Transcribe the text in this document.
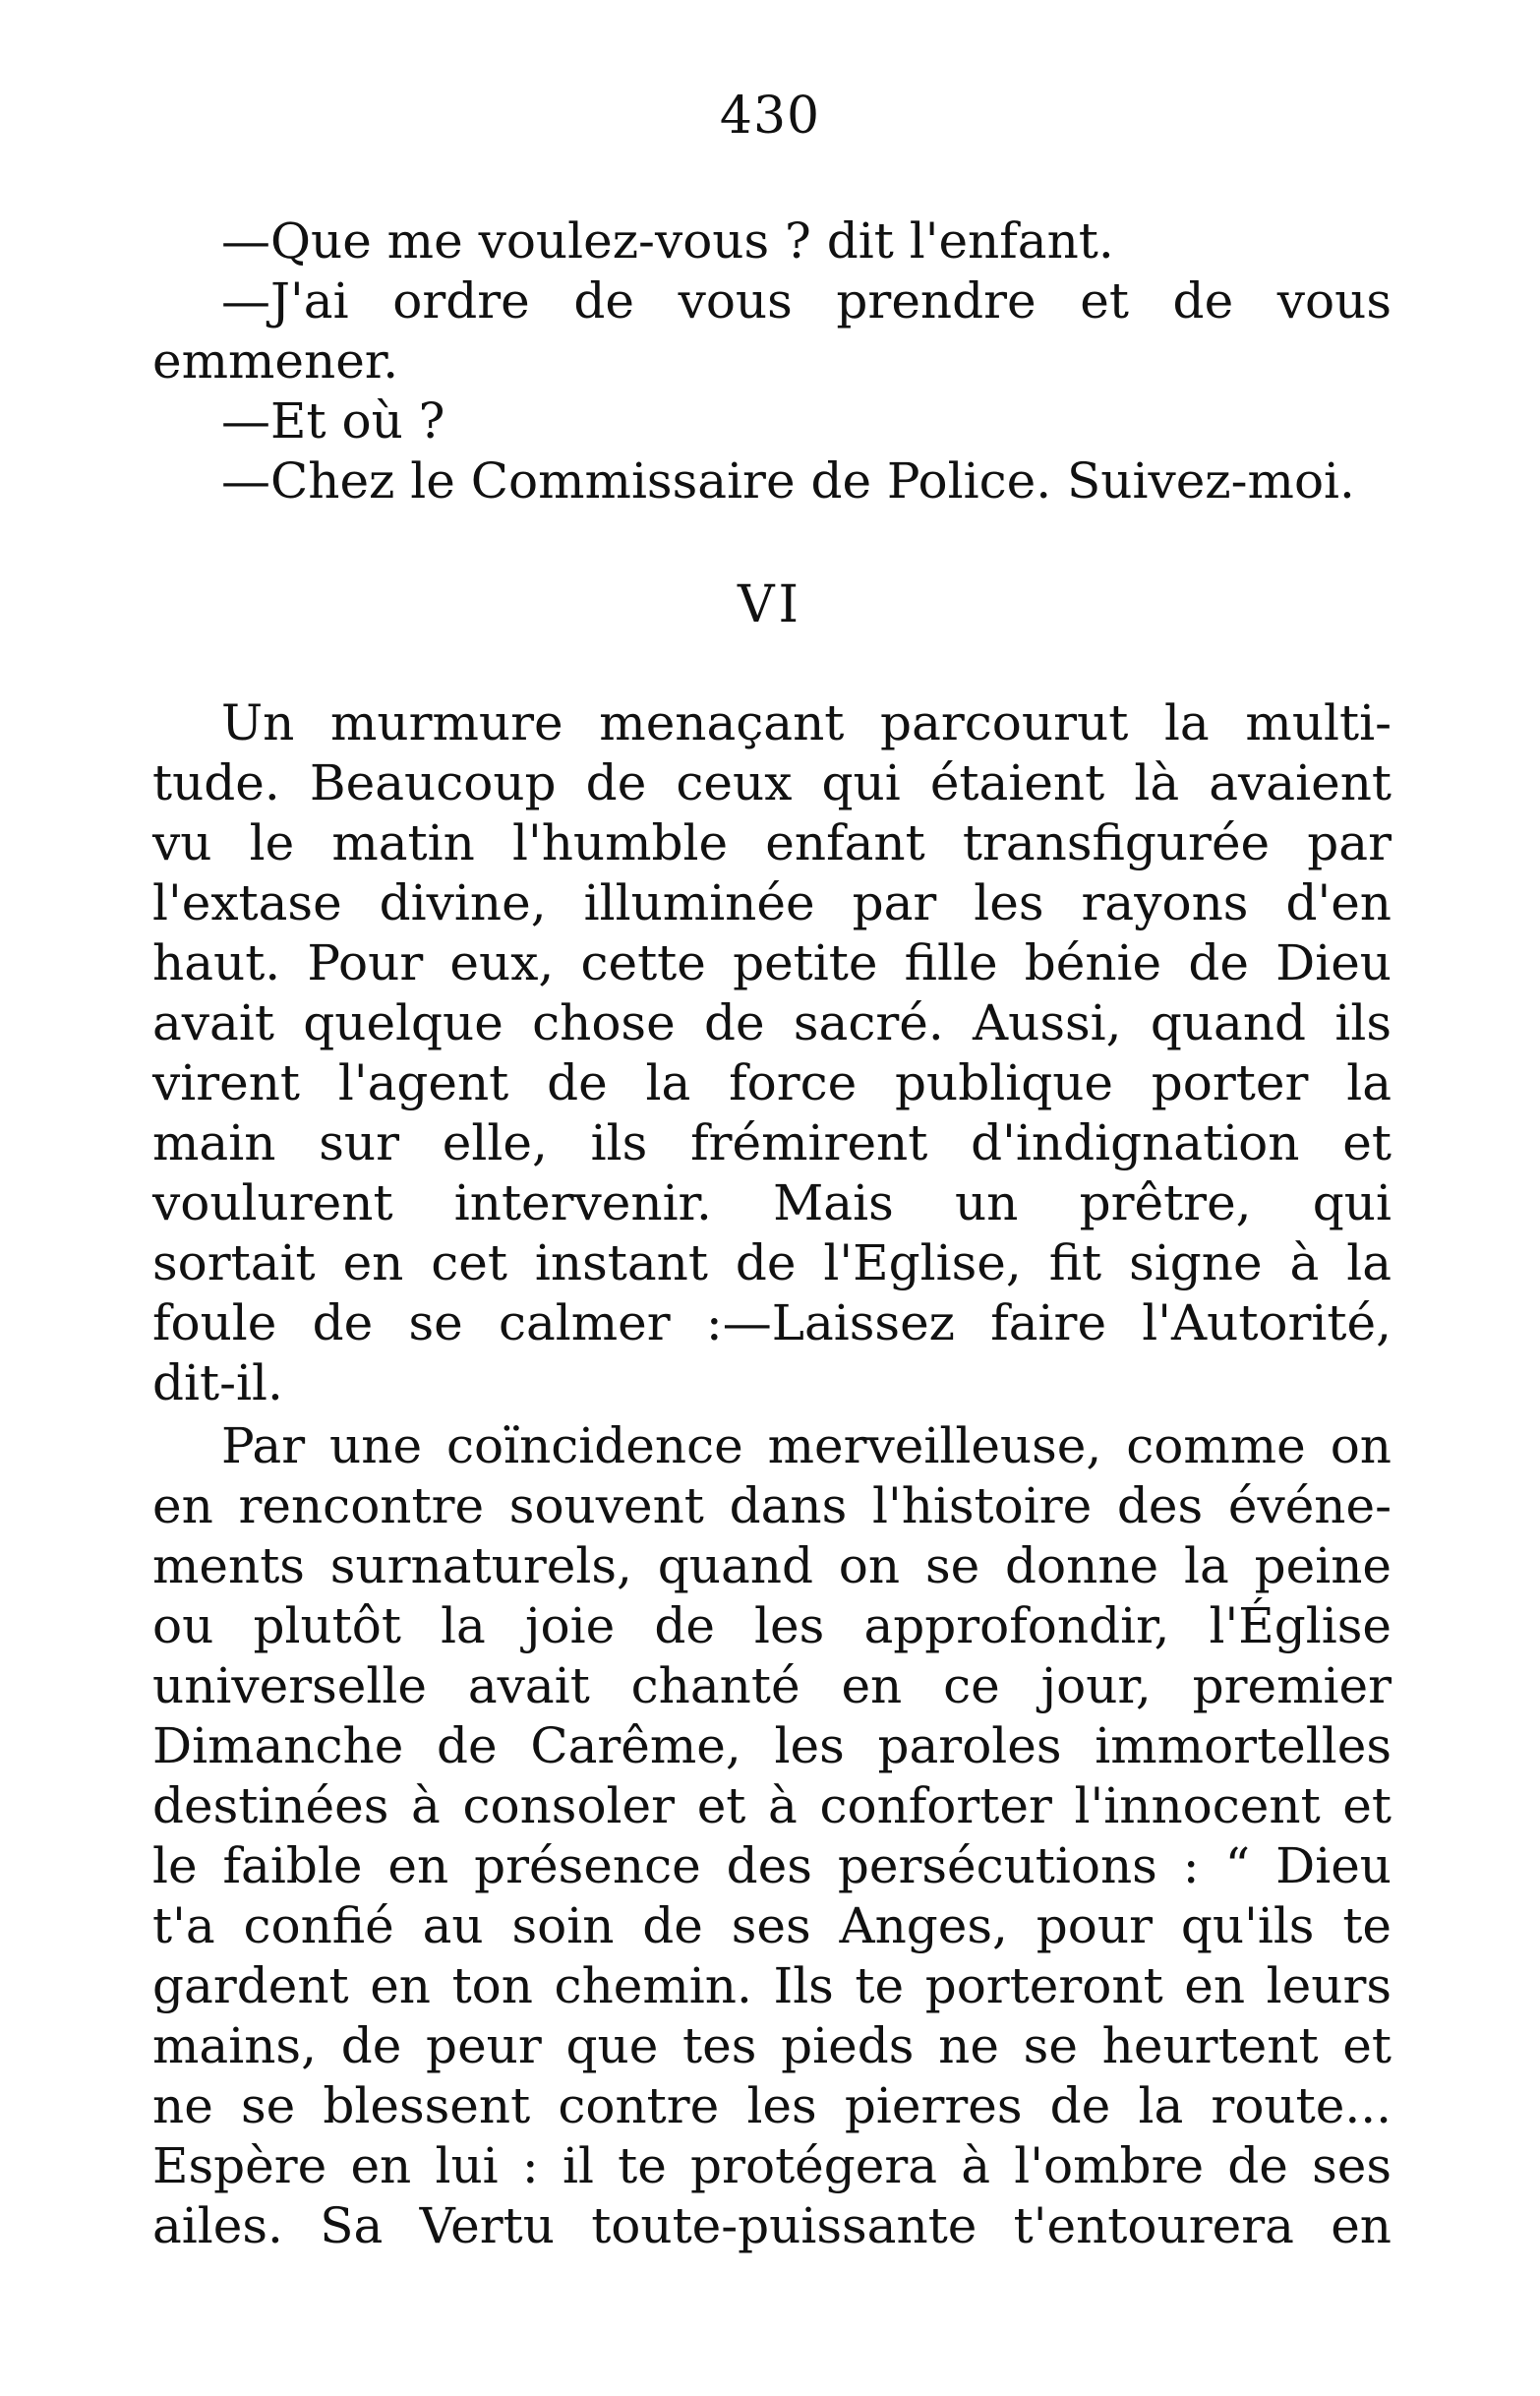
430
—Que me voulez-vous ? dit l'enfant.
—J'ai ordre de vous prendre et de vous
emmener.
—Et où ?
—Chez le Commissaire de Police. Suivez-moi.
VI
Un murmure menaçant parcourut la multi-
tude. Beaucoup de ceux qui étaient là avaient
vu le matin l'humble enfant transfigurée par
l'extase divine, illuminée par les rayons d'en
haut. Pour eux, cette petite fille bénie de Dieu
avait quelque chose de sacré. Aussi, quand ils
virent l'agent de la force publique porter la
main sur elle, ils frémirent d'indignation et
voulurent intervenir. Mais un prêtre, qui
sortait en cet instant de l'Eglise, fit signe à la
foule de se calmer :—Laissez faire l'Autorité,
dit-il.
Par une coïncidence merveilleuse, comme on
en rencontre souvent dans l'histoire des événe-
ments surnaturels, quand on se donne la peine
ou plutôt la joie de les approfondir, l'Église
universelle avait chanté en ce jour, premier
Dimanche de Carême, les paroles immortelles
destinées à consoler et à conforter l'innocent et
le faible en présence des persécutions : “ Dieu
t'a confié au soin de ses Anges, pour qu'ils te
gardent en ton chemin. Ils te porteront en leurs
mains, de peur que tes pieds ne se heurtent et
ne se blessent contre les pierres de la route...
Espère en lui : il te protégera à l'ombre de ses
ailes. Sa Vertu toute-puissante t'entourera en
